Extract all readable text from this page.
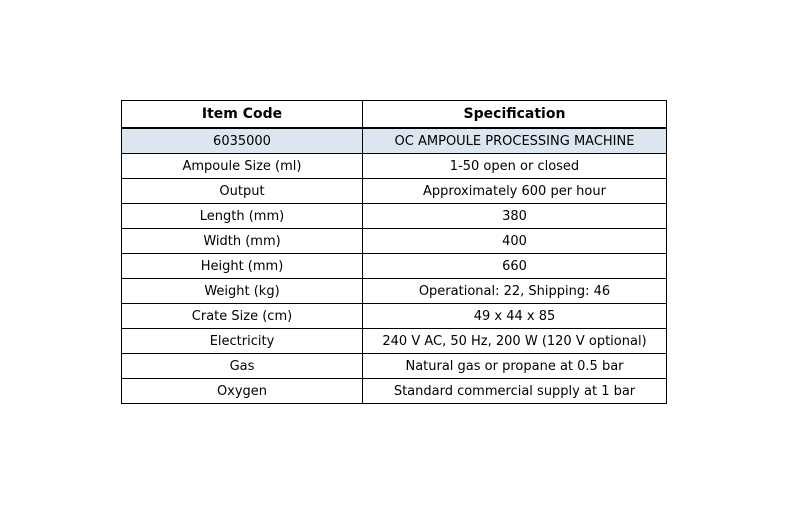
Item Code	Specification
6035000	OC AMPOULE PROCESSING MACHINE
Ampoule Size (ml)	1-50 open or closed
Output	Approximately 600 per hour
Length (mm)	380
Width (mm)	400
Height (mm)	660
Weight (kg)	Operational: 22, Shipping: 46
Crate Size (cm)	49 x 44 x 85
Electricity	240 V AC, 50 Hz, 200 W (120 V optional)
Gas	Natural gas or propane at 0.5 bar
Oxygen	Standard commercial supply at 1 bar
